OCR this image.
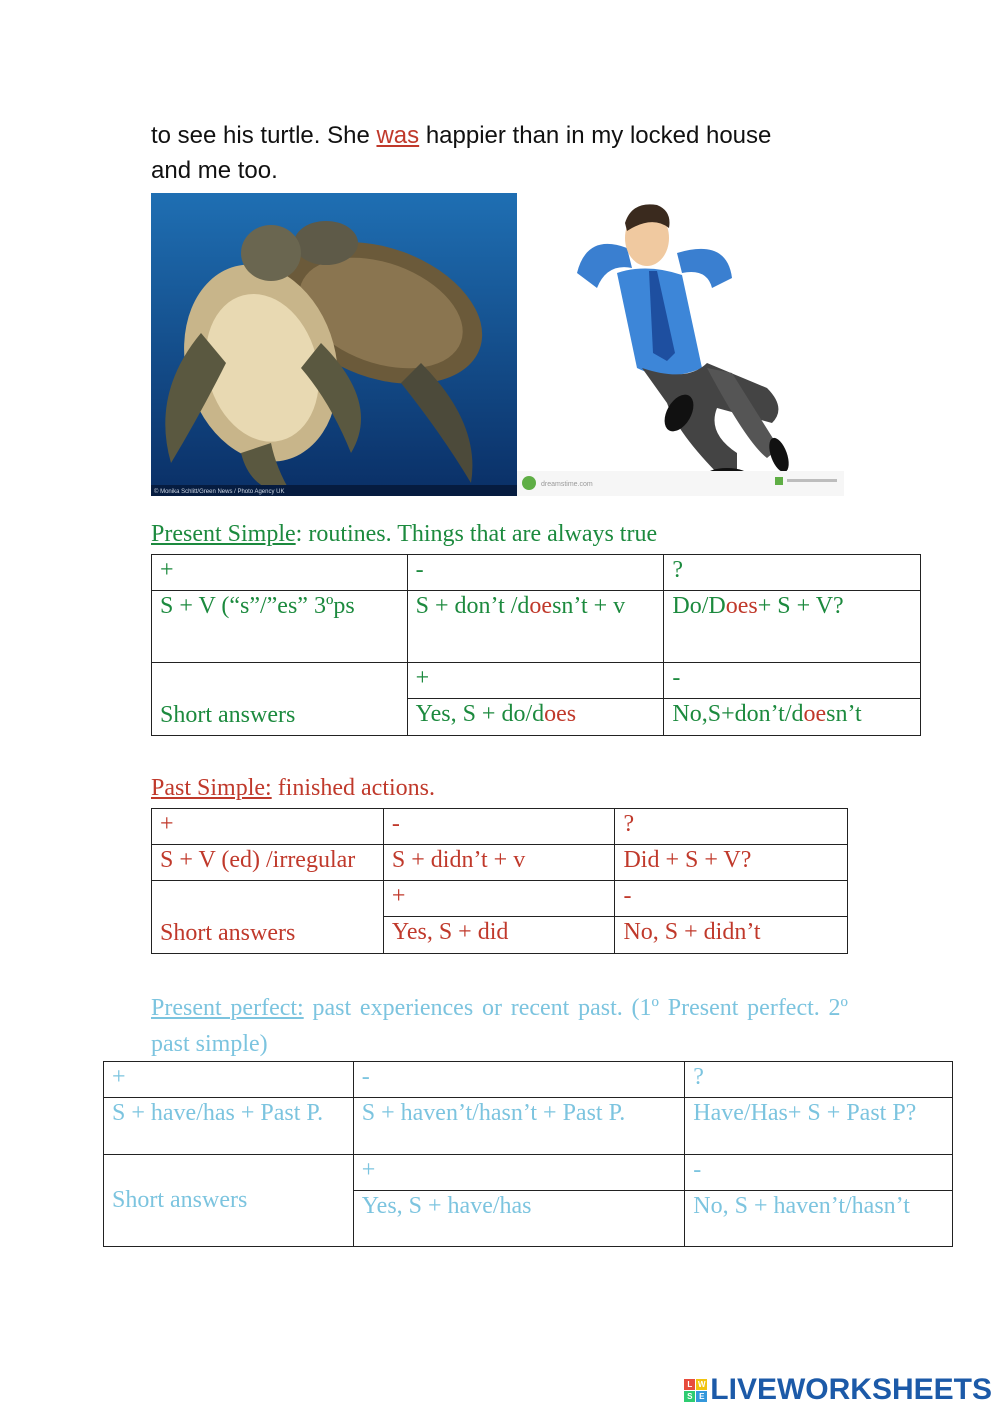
to see his turtle. She was happier than in my locked house
and me too.
© Monika Schlitt/Green News / Photo Agency UK
dreamstime.com
Present Simple: routines. Things that are always true
+	-	?
S + V (“s”/”es” 3ºps	S + don’t /doesn’t + v	Do/Does+ S + V?
Short answers	+	-
	Yes, S + do/does	No,S+don’t/doesn’t
Past Simple: finished actions.
+	-	?
S + V (ed) /irregular	S + didn’t + v	Did + S + V?
Short answers	+	-
	Yes, S + did	No, S + didn’t
Present perfect: past experiences or recent past. (1º Present perfect. 2º past simple)
+	-	?
S + have/has + Past P.	S + haven’t/hasn’t + Past P.	Have/Has+ S + Past P?
Short answers	+	-
	Yes, S + have/has	No, S + haven’t/hasn’t
L W
S E LIVEWORKSHEETS
